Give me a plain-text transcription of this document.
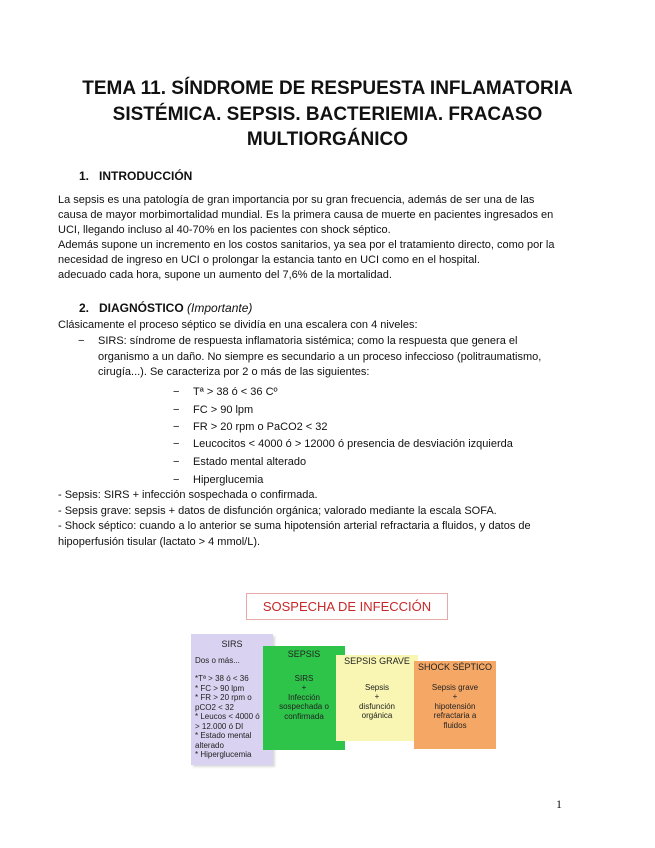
TEMA 11. SÍNDROME DE RESPUESTA INFLAMATORIA
SISTÉMICA. SEPSIS. BACTERIEMIA. FRACASO
MULTIORGÁNICO
1. INTRODUCCIÓN
La sepsis es una patología de gran importancia por su gran frecuencia, además de ser una de las
causa de mayor morbimortalidad mundial. Es la primera causa de muerte en pacientes ingresados en
UCI, llegando incluso al 40-70% en los pacientes con shock séptico.
Además supone un incremento en los costos sanitarios, ya sea por el tratamiento directo, como por la
necesidad de ingreso en UCI o prolongar la estancia tanto en UCI como en el hospital.
adecuado cada hora, supone un aumento del 7,6% de la mortalidad.
2. DIAGNÓSTICO (Importante)
Clásicamente el proceso séptico se dividía en una escalera con 4 niveles:
− SIRS: síndrome de respuesta inflamatoria sistémica; como la respuesta que genera el
organismo a un daño. No siempre es secundario a un proceso infeccioso (politraumatismo,
cirugía...). Se caracteriza por 2 o más de las siguientes:
− Tª > 38 ó < 36 Cº
− FC > 90 lpm
− FR > 20 rpm o PaCO2 < 32
− Leucocitos < 4000 ó > 12000 ó presencia de desviación izquierda
− Estado mental alterado
− Hiperglucemia
- Sepsis: SIRS + infección sospechada o confirmada.
- Sepsis grave: sepsis + datos de disfunción orgánica; valorado mediante la escala SOFA.
- Shock séptico: cuando a lo anterior se suma hipotensión arterial refractaria a fluidos, y datos de
hipoperfusión tisular (lactato > 4 mmol/L).
SOSPECHA DE INFECCIÓN
SIRS
Dos o más...
*Tª > 38 ó < 36
* FC > 90 lpm
* FR > 20 rpm o
pCO2 < 32
* Leucos < 4000 ó
> 12.000 ó DI
* Estado mental
alterado
* Hiperglucemia
SEPSIS
SIRS
+
Infección
sospechada o
confirmada
SEPSIS GRAVE
Sepsis
+
disfunción
orgánica
SHOCK SÉPTICO
Sepsis grave
+
hipotensión
refractaria a
fluidos
1
